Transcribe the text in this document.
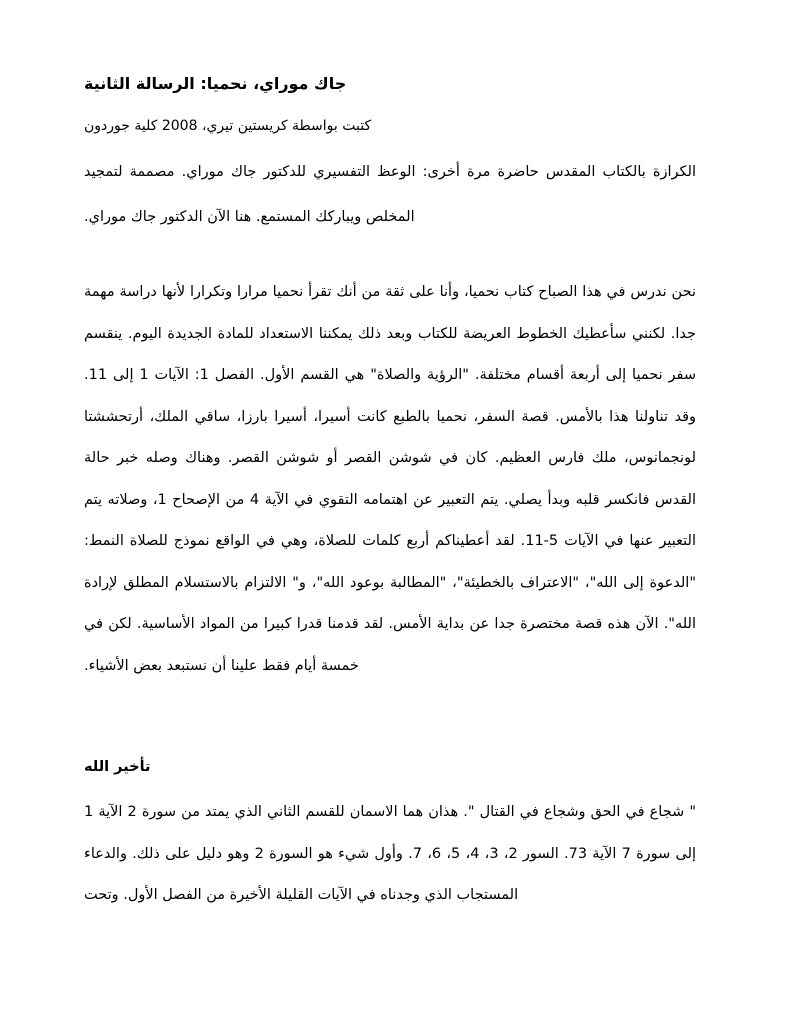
جاك موراي، نحميا: الرسالة الثانية
كتبت بواسطة كريستين تيري، 2008 كلية جوردون
الكرازة بالكتاب المقدس حاضرة مرة أخرى: الوعظ التفسيري للدكتور جاك موراي. مصممة لتمجيد المخلص ويباركك المستمع. هنا الآن الدكتور جاك موراي.
نحن ندرس في هذا الصباح كتاب نحميا، وأنا على ثقة من أنك تقرأ نحميا مرارا وتكرارا لأنها دراسة مهمة جدا. لكنني سأعطيك الخطوط العريضة للكتاب وبعد ذلك يمكننا الاستعداد للمادة الجديدة اليوم. ينقسم سفر نحميا إلى أربعة أقسام مختلفة. "الرؤية والصلاة" هي القسم الأول. الفصل 1: الآيات 1 إلى 11. وقد تناولنا هذا بالأمس. قصة السفر، نحميا بالطبع كانت أسيرا، أسيرا بارزا، ساقي الملك، أرتحششتا لونجمانوس، ملك فارس العظيم. كان في شوشن القصر أو شوشن القصر. وهناك وصله خبر حالة القدس فانكسر قلبه وبدأ يصلي. يتم التعبير عن اهتمامه التقوي في الآية 4 من الإصحاح 1، وصلاته يتم التعبير عنها في الآيات 5-11. لقد أعطيناكم أربع كلمات للصلاة، وهي في الواقع نموذج للصلاة النمط: "الدعوة إلى الله"، "الاعتراف بالخطيئة"، "المطالبة بوعود الله"، و" الالتزام بالاستسلام المطلق لإرادة الله". الآن هذه قصة مختصرة جدا عن بداية الأمس. لقد قدمنا قدرا كبيرا من المواد الأساسية. لكن في خمسة أيام فقط علينا أن نستبعد بعض الأشياء.
تأخير الله
" شجاع في الحق وشجاع في القتال ". هذان هما الاسمان للقسم الثاني الذي يمتد من سورة 2 الآية 1 إلى سورة 7 الآية 73. السور 2، 3، 4، 5، 6، 7. وأول شيء هو السورة 2 وهو دليل على ذلك. والدعاء المستجاب الذي وجدناه في الآيات القليلة الأخيرة من الفصل الأول. وتحت
